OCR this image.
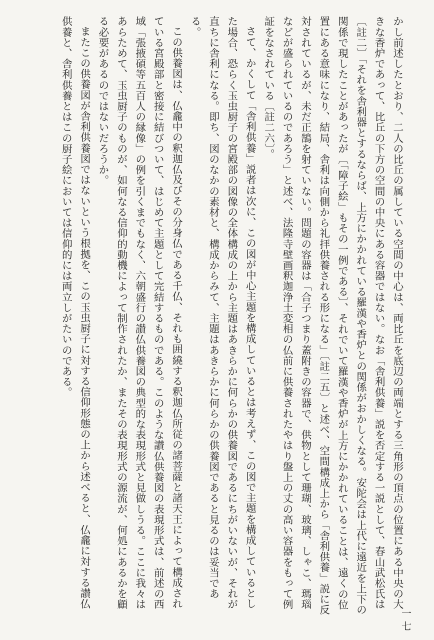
かし前述したとおり、二人の比丘の属している空間の中心は、両比丘を底辺の両端とする三角形の頂点の位置にある中央の大きな香炉であって、比丘の下方の空間の中央にある容器ではない。なお「舎利供養」説を否定する一説として、春山武松氏は〔註二〕「それを舎利器とするならば、上方にかかれている羅漢や香炉との関係がおかしくなる。安陀会は上代に遠近を上下の関係で現したことがあったが〔「障子絵」もその一例である〕、それでいて羅漢や香炉が上方にかかれていることは、遠くの位置にある意味になり、結局、舎利は向側から礼拝供養される形になる」〔註二五〕と述べ、空間構成上から「舎利供養」説に反対されているが、未だ正鵠を射ていない。問題の容器は「合子つまり蓋附きの容器で、供物として珊瑚、玻璃、しゃこ、瑪瑙などが盛られているのであろう」と述べ、法隆寺壁画釈迦浄土変相の仏前に供養されたやはり盤上の丈の高い容器をもって例証をなされている〔註二六〕。

さて、かくして「舎利供養」説者は次に、この図が中心主題を構成しているとは考えず、この図で主題を構成しているとした場合、恐らく玉虫厨子の宮殿部の図像の全体構成の上から主題はあきらかに何らかの供養図であるにちがいないが、それが直ちに舎利になる。即ち、図のなかの素材と、構成からみて、主題はあきらかに何らかの供養図であると見るのは妥当である。

この供養図は、仏龕中の釈迦仏及びその分身仏である千仏、それも囲繞する釈迦仏所従の諸菩薩と諸天王によって構成されている宮殿部と密接に結びついて、はじめて主題として完結するものである。このような讃仏供養図の表現形式は、前述の西域「張掖碩等五百人の縁像」の例を引くまでもなく、六朝盛行の讃仏供養図の典型的な表現形式と見做しうる。ここに我々はあらためて、玉虫厨子のものが、如何なる信仰的動機によって制作されたか、またその表現形式の源流が、何処にあるかを顧る必要があるのではないだろうか。

またこの供養図が舎利供養図ではないという根拠を、この玉虫厨子に対する信仰形態の上から述べると、仏龕に対する讃仏供養と、舎利供養とはこの厨子絵においては信仰的には両立しがたいのである。

一七
